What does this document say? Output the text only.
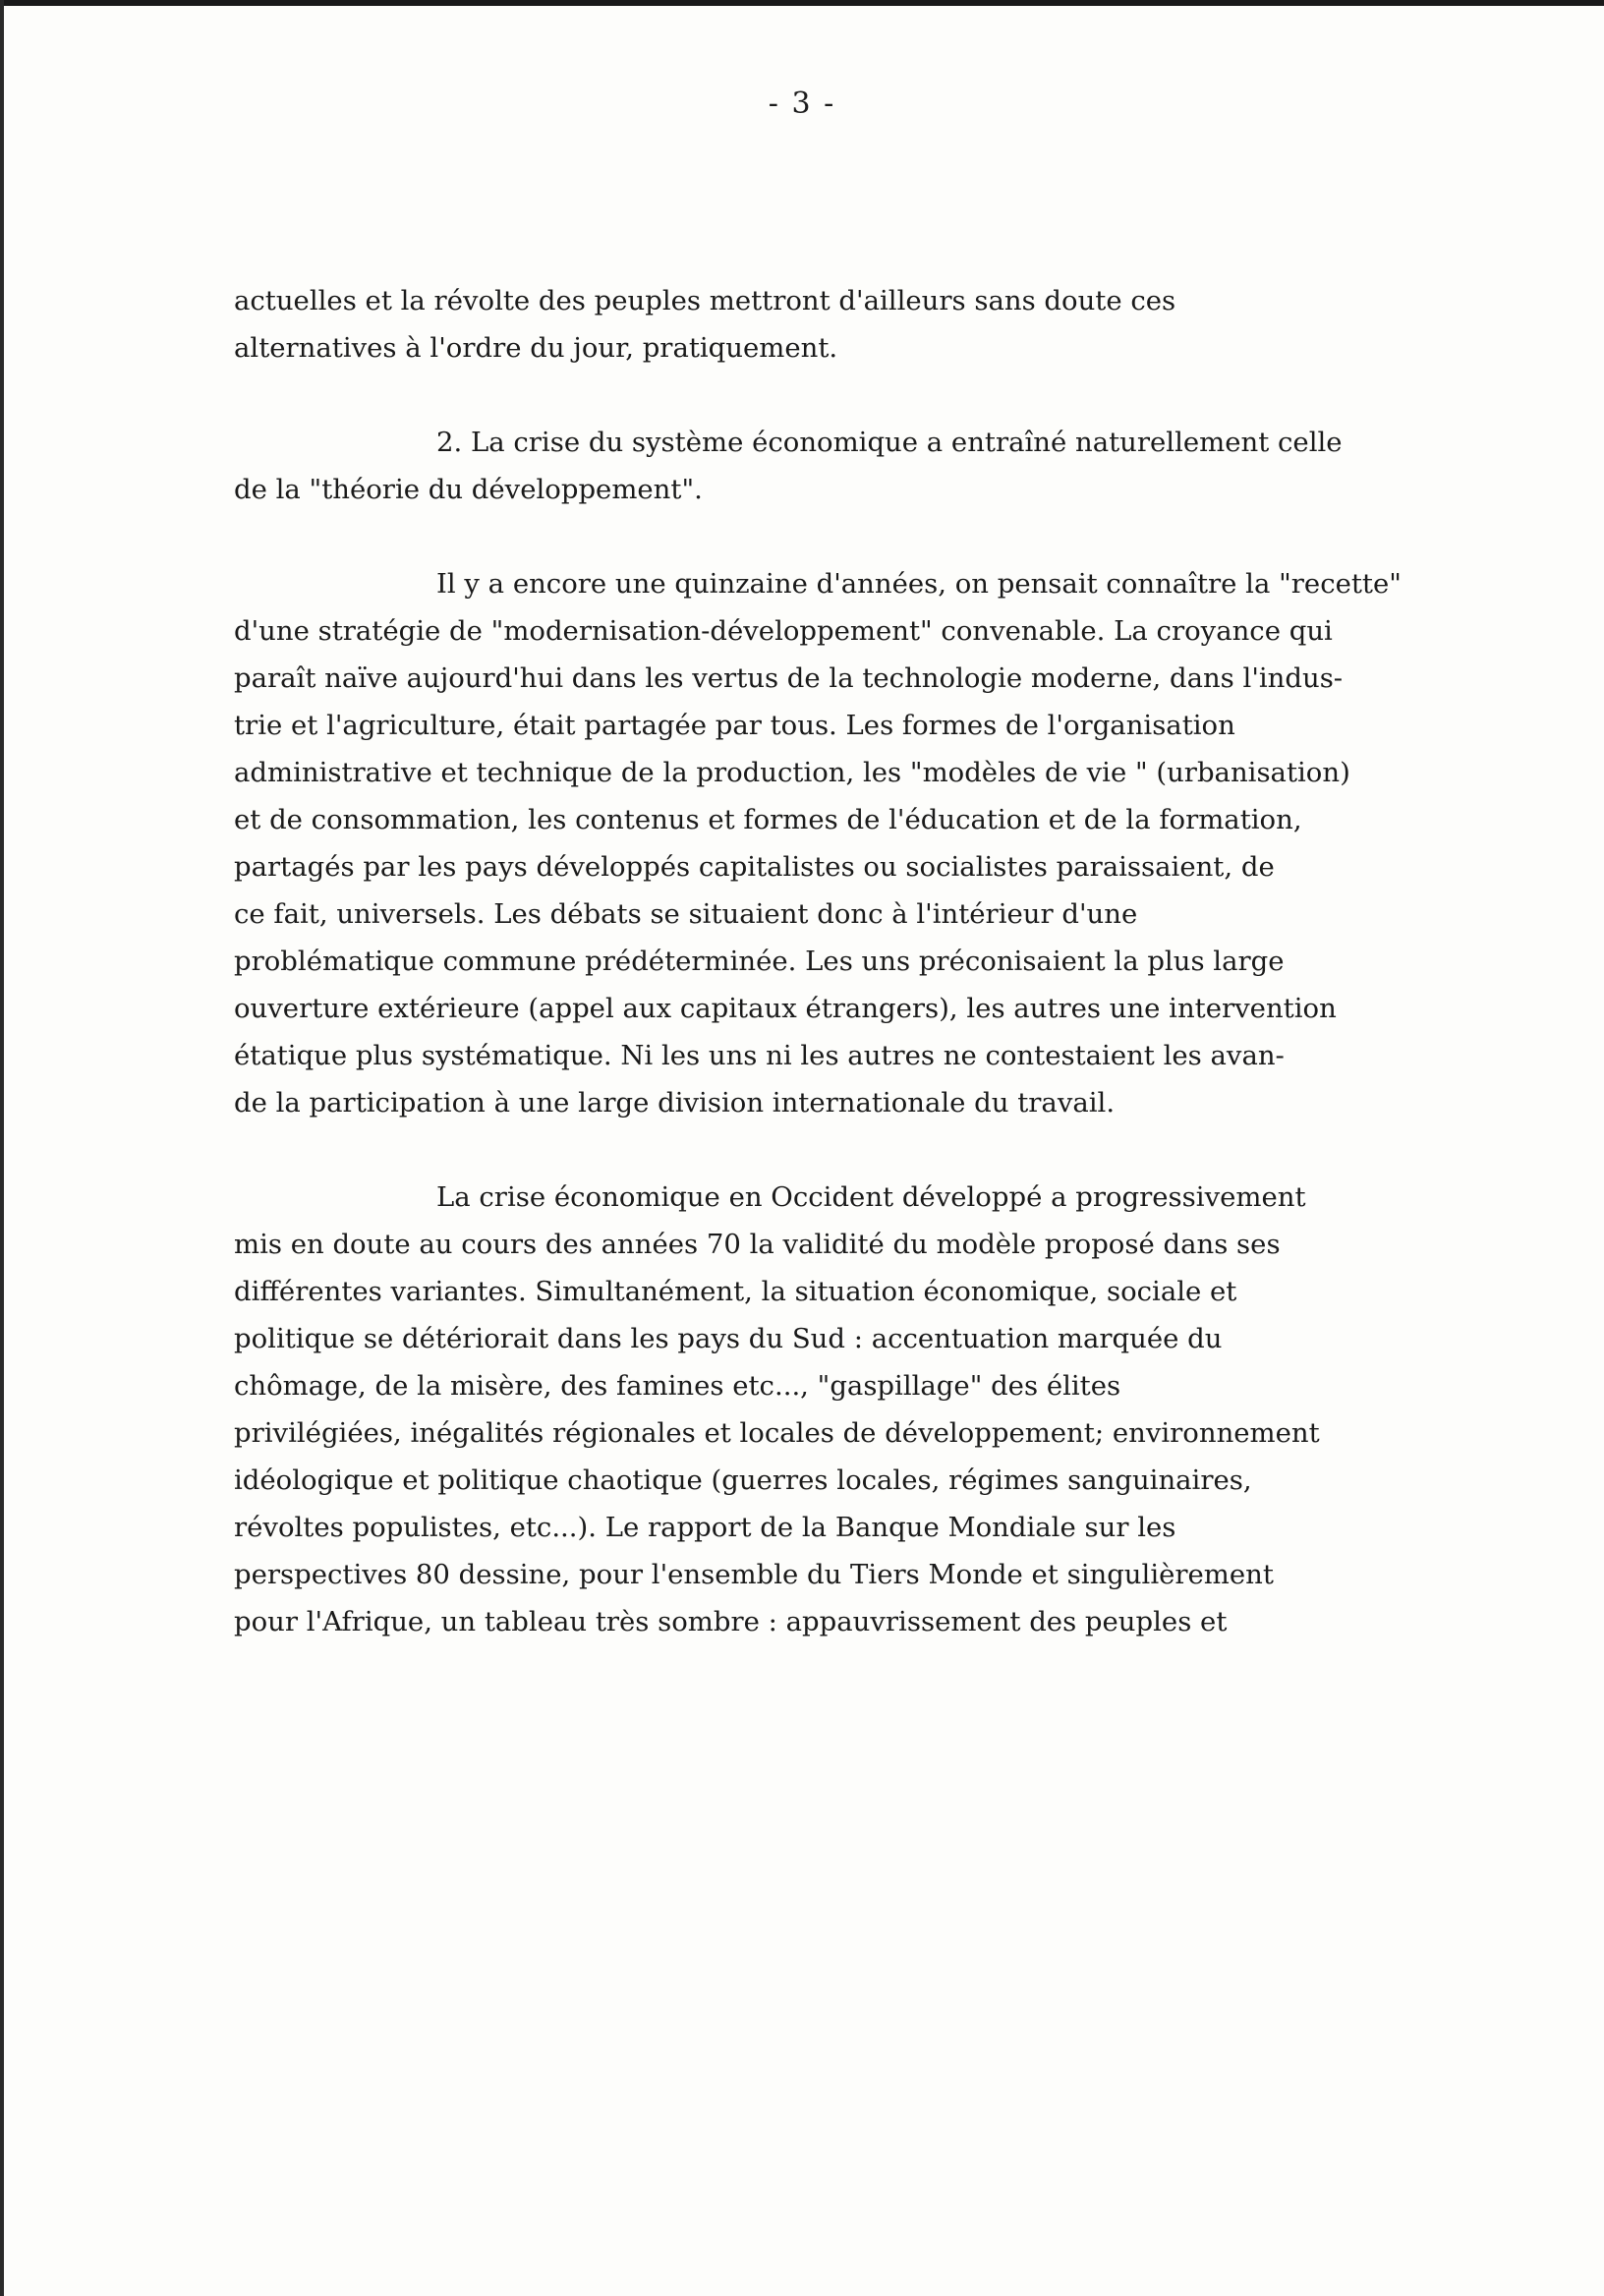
- 3 -
actuelles et la révolte des peuples mettront d'ailleurs sans doute ces
alternatives à l'ordre du jour, pratiquement.
2. La crise du système économique a entraîné naturellement celle
de la "théorie du développement".
Il y a encore une quinzaine d'années, on pensait connaître la "recette"
d'une stratégie de "modernisation-développement" convenable. La croyance qui
paraît naïve aujourd'hui dans les vertus de la technologie moderne, dans l'indus-
trie et l'agriculture, était partagée par tous. Les formes de l'organisation
administrative et technique de la production, les "modèles de vie " (urbanisation)
et de consommation, les contenus et formes de l'éducation et de la formation,
partagés par les pays développés capitalistes ou socialistes paraissaient, de
ce fait, universels. Les débats se situaient donc à l'intérieur d'une
problématique commune prédéterminée. Les uns préconisaient la plus large
ouverture extérieure (appel aux capitaux étrangers), les autres une intervention
étatique plus systématique. Ni les uns ni les autres ne contestaient les avan-
de la participation à une large division internationale du travail.
La crise économique en Occident développé a progressivement
mis en doute au cours des années 70 la validité du modèle proposé dans ses
différentes variantes. Simultanément, la situation économique, sociale et
politique se détériorait dans les pays du Sud : accentuation marquée du
chômage, de la misère, des famines etc..., "gaspillage" des élites
privilégiées, inégalités régionales et locales de développement; environnement
idéologique et politique chaotique (guerres locales, régimes sanguinaires,
révoltes populistes, etc...). Le rapport de la Banque Mondiale sur les
perspectives 80 dessine, pour l'ensemble du Tiers Monde et singulièrement
pour l'Afrique, un tableau très sombre : appauvrissement des peuples et
